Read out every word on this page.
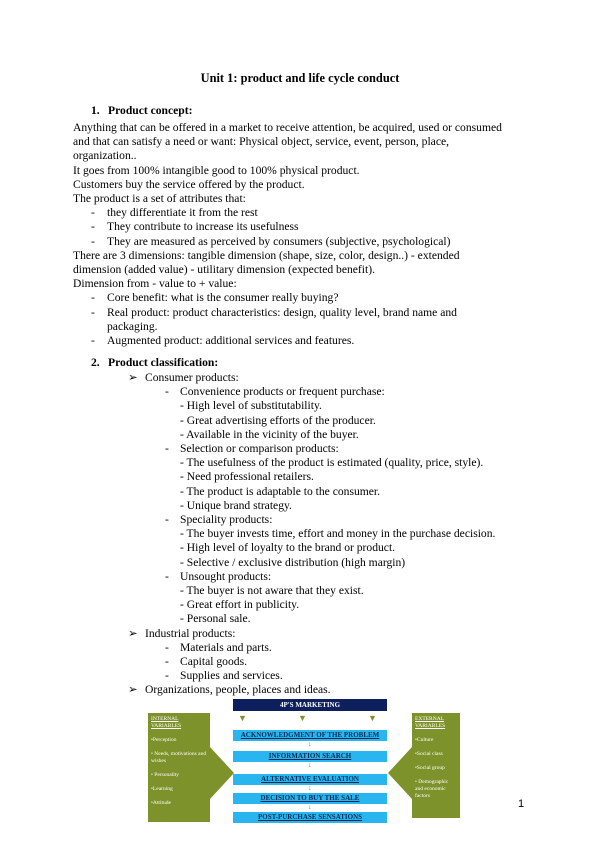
Unit 1: product and life cycle conduct
1. Product concept:
Anything that can be offered in a market to receive attention, be acquired, used or consumed
and that can satisfy a need or want: Physical object, service, event, person, place,
organization..
It goes from 100% intangible good to 100% physical product.
Customers buy the service offered by the product.
The product is a set of attributes that:
- they differentiate it from the rest
- They contribute to increase its usefulness
- They are measured as perceived by consumers (subjective, psychological)
There are 3 dimensions: tangible dimension (shape, size, color, design..) - extended
dimension (added value) - utilitary dimension (expected benefit).
Dimension from - value to + value:
- Core benefit: what is the consumer really buying?
- Real product: product characteristics: design, quality level, brand name and
packaging.
- Augmented product: additional services and features.
2. Product classification:
➢ Consumer products:
- Convenience products or frequent purchase:
- High level of substitutability.
- Great advertising efforts of the producer.
- Available in the vicinity of the buyer.
- Selection or comparison products:
- The usefulness of the product is estimated (quality, price, style).
- Need professional retailers.
- The product is adaptable to the consumer.
- Unique brand strategy.
- Speciality products:
- The buyer invests time, effort and money in the purchase decision.
- High level of loyalty to the brand or product.
- Selective / exclusive distribution (high margin)
- Unsought products:
- The buyer is not aware that they exist.
- Great effort in publicity.
- Personal sale.
➢ Industrial products:
- Materials and parts.
- Capital goods.
- Supplies and services.
➢ Organizations, people, places and ideas.
4P'S MARKETING
▼	▼	▼
ACKNOWLEDGMENT OF THE PROBLEM
↓
INFORMATION SEARCH
↓
ALTERNATIVE EVALUATION
↓
DECISION TO BUY THE SALE
↓
POST-PURCHASE SENSATIONS
INTERNAL VARIABLES
•Perception
• Needs, motivations and wishes
• Personality
•Learning
•Attitude
EXTERNAL VARIABLES
•Culture
•Social class
•Social group
• Demographic and economic factors
1
